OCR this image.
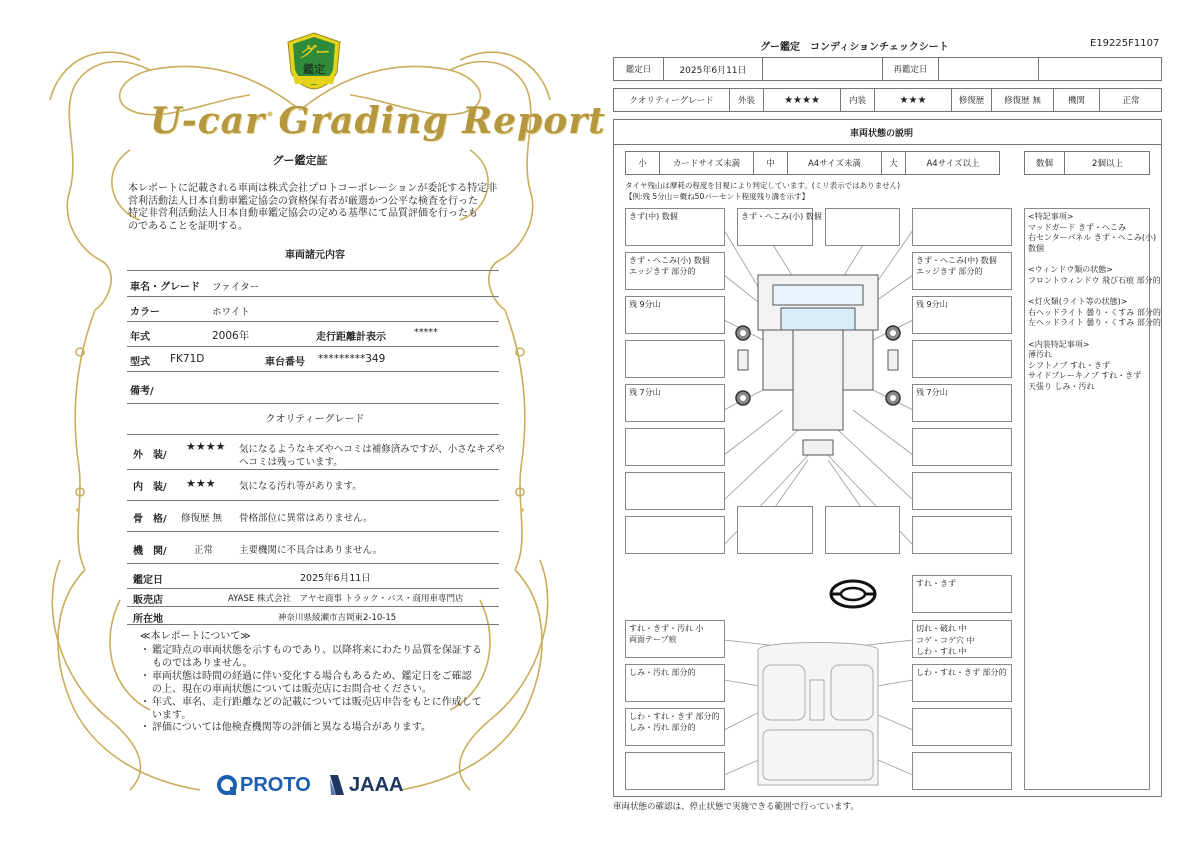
グー
鑑定
U-car Grading Report
グー鑑定証
本レポートに記載される車両は株式会社プロトコーポレーションが委託する特定非
営利活動法人日本自動車鑑定協会の資格保有者が厳選かつ公平な検査を行った
特定非営利活動法人日本自動車鑑定協会の定める基準にて品質評価を行ったも
のであることを証明する。
車両諸元内容
車名・グレード ファイター
カラー	ホワイト
年式	2006年	走行距離計表示	*****
型式 FK71D	車台番号 *********349
備考/
クオリティーグレード
外　装/
★★★★ 気になるようなキズやヘコミは補修済みですが、小さなキズや
ヘコミは残っています。
内　装/ ★★★ 気になる汚れ等があります。
骨　格/ 修復歴 無 骨格部位に異常はありません。
機　関/	正常	主要機関に不具合はありません。
鑑定日	2025年6月11日
販売店	AYASE 株式会社　アヤセ商事 トラック・バス・商用車専門店
所在地	神奈川県綾瀬市吉岡東2-10-15
≪本レポートについて≫
・ 鑑定時点の車両状態を示すものであり、以降将来にわたり品質を保証する
ものではありません。
・ 車両状態は時間の経過に伴い変化する場合もあるため、鑑定日をご確認
の上、現在の車両状態については販売店にお問合せください。
・ 年式、車名、走行距離などの記載については販売店申告をもとに作成して
います。
・ 評価については他検査機関等の評価と異なる場合があります。
PROTO JAAA
グー鑑定　コンディションチェックシート	E19225F1107
鑑定日	2025年6月11日	再鑑定日
クオリティーグレード	外装	★★★★	内装	★★★	修復歴	修復歴 無	機関	正常
車両状態の説明
小	カードサイズ未満	中	A4サイズ未満	大	A4サイズ以上	数個	2個以上
タイヤ残山は摩耗の程度を目視により判定しています。(ミリ表示ではありません)
【例:残 5分山＝概ね50パーセント程度残り溝を示す】
きず(中) 数個	きず・へこみ(小) 数個
きず・へこみ(小) 数個
エッジきず 部分的
きず・へこみ(中) 数個
エッジきず 部分的
残 9分山	残 9分山
残 7分山	残 7分山
すれ・きず
すれ・きず・汚れ 小
両面テープ痕
切れ・破れ 中
コゲ・コゲ穴 中
しわ・すれ 中
しみ・汚れ 部分的	しわ・すれ・きず 部分的
しわ・すれ・きず 部分的
しみ・汚れ 部分的
<特記事項>
マッドガード きず・へこみ
右センターパネル きず・へこみ(小)
数個
<ウィンドウ類の状態>
フロントウィンドウ 飛び石痕 部分的
<灯火類(ライト等の状態)>
右ヘッドライト 曇り・くすみ 部分的
左ヘッドライト 曇り・くすみ 部分的
<内装特記事項>
薄汚れ
シフトノブ すれ・きず
サイドブレーキノブ すれ・きず
天張り しみ・汚れ
車両状態の確認は、停止状態で実施できる範囲で行っています。
